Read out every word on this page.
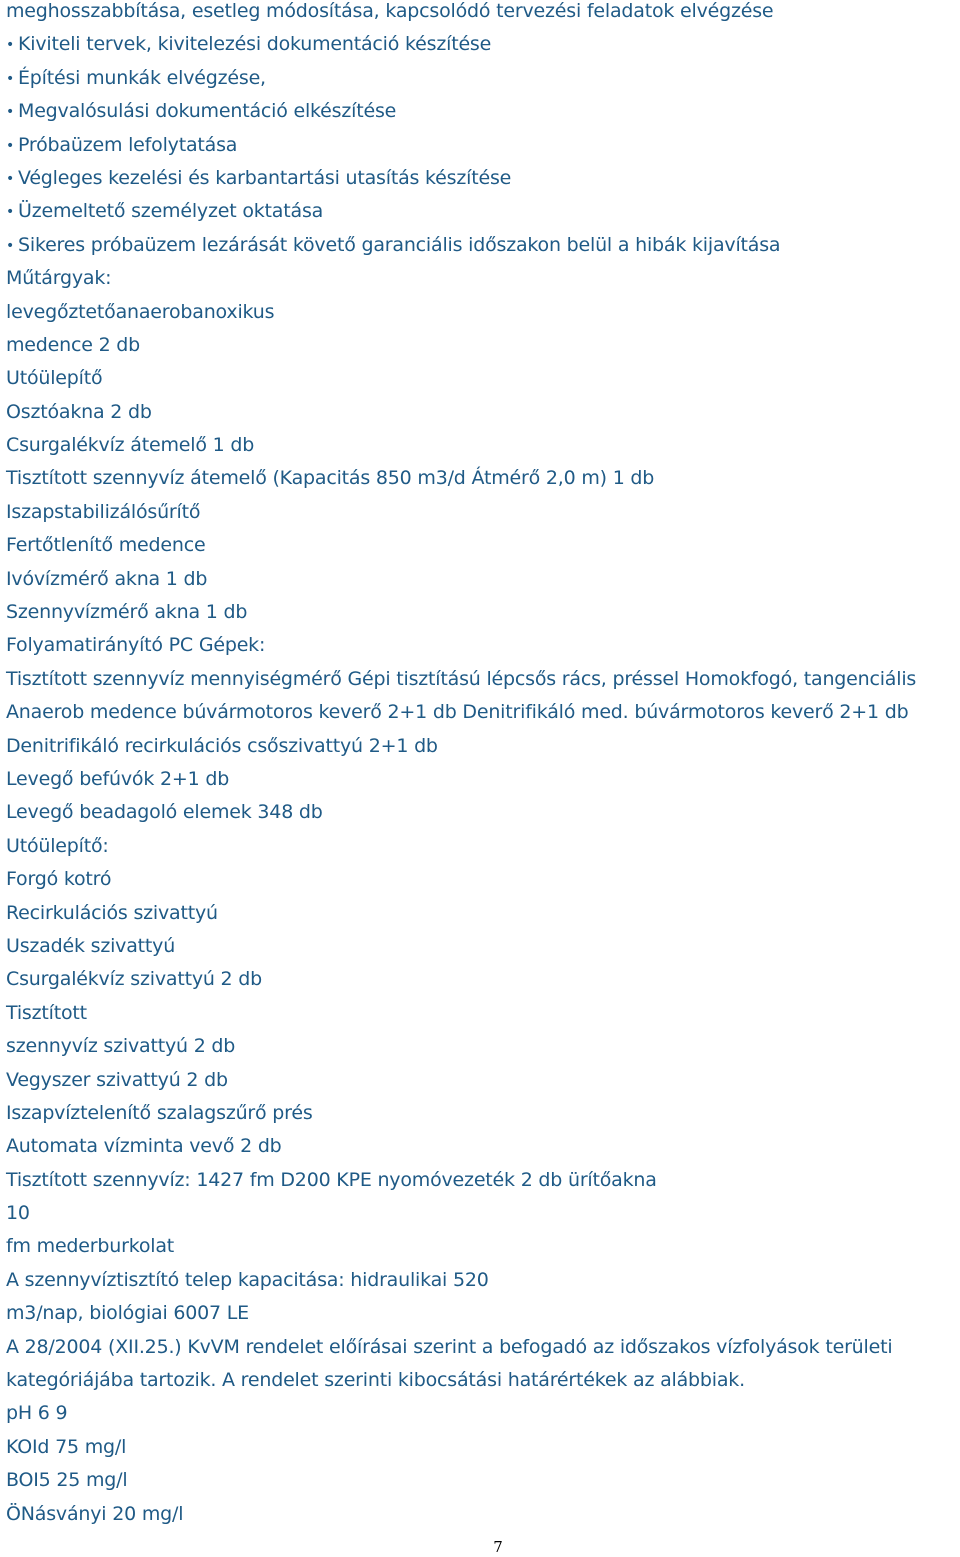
meghosszabbítása, esetleg módosítása, kapcsolódó tervezési feladatok elvégzése
• Kiviteli tervek, kivitelezési dokumentáció készítése
• Építési munkák elvégzése,
• Megvalósulási dokumentáció elkészítése
• Próbaüzem lefolytatása
• Végleges kezelési és karbantartási utasítás készítése
• Üzemeltető személyzet oktatása
• Sikeres próbaüzem lezárását követő garanciális időszakon belül a hibák kijavítása
Műtárgyak:
levegőztetőanaerobanoxikus
medence 2 db
Utóülepítő
Osztóakna 2 db
Csurgalékvíz átemelő 1 db
Tisztított szennyvíz átemelő (Kapacitás 850 m3/d Átmérő 2,0 m) 1 db
Iszapstabilizálósűrítő
Fertőtlenítő medence
Ivóvízmérő akna 1 db
Szennyvízmérő akna 1 db
Folyamatirányító PC Gépek:
Tisztított szennyvíz mennyiségmérő Gépi tisztítású lépcsős rács, préssel Homokfogó, tangenciális
Anaerob medence búvármotoros keverő 2+1 db Denitrifikáló med. búvármotoros keverő 2+1 db
Denitrifikáló recirkulációs csőszivattyú 2+1 db
Levegő befúvók 2+1 db
Levegő beadagoló elemek 348 db
Utóülepítő:
Forgó kotró
Recirkulációs szivattyú
Uszadék szivattyú
Csurgalékvíz szivattyú 2 db
Tisztított
szennyvíz szivattyú 2 db
Vegyszer szivattyú 2 db
Iszapvíztelenítő szalagszűrő prés
Automata vízminta vevő 2 db
Tisztított szennyvíz: 1427 fm D200 KPE nyomóvezeték 2 db ürítőakna
10
fm mederburkolat
A szennyvíztisztító telep kapacitása: hidraulikai 520
m3/nap, biológiai 6007 LE
A 28/2004 (XII.25.) KvVM rendelet előírásai szerint a befogadó az időszakos vízfolyások területi
kategóriájába tartozik. A rendelet szerinti kibocsátási határértékek az alábbiak.
pH 6 9
KOId 75 mg/l
BOI5 25 mg/l
ÖNásványi 20 mg/l
7
